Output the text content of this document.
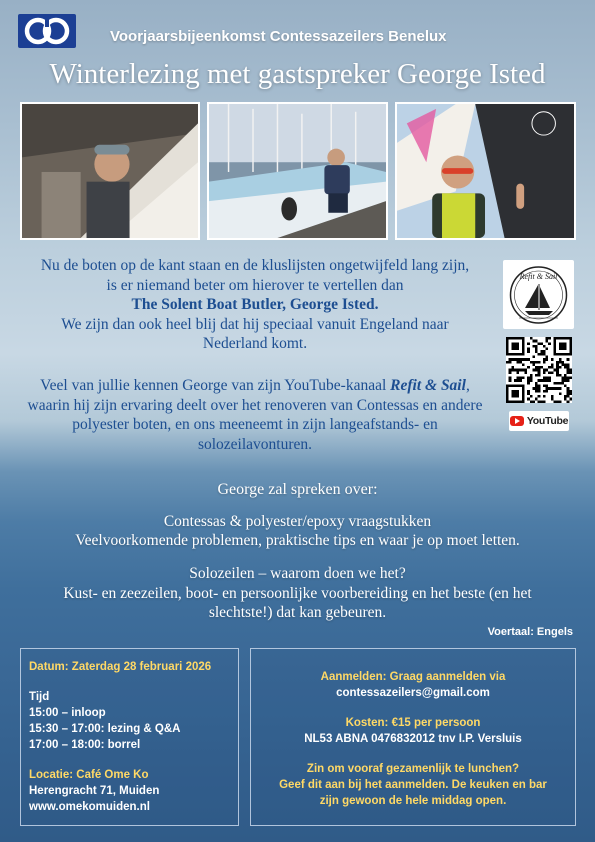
Voorjaarsbijeenkomst Contessazeilers Benelux
Winterlezing met gastspreker George Isted
Nu de boten op de kant staan en de kluslijsten ongetwijfeld lang zijn,
is er niemand beter om hierover te vertellen dan
The Solent Boat Butler, George Isted.
We zijn dan ook heel blij dat hij speciaal vanuit Engeland naar
Nederland komt.
Veel van jullie kennen George van zijn YouTube-kanaal Refit & Sail, waarin hij zijn ervaring deelt over het renoveren van Contessas en andere polyester boten, en ons meeneemt in zijn langeafstands- en solozeilavonturen.
Refit & Sail
YouTube
George zal spreken over:
Contessas & polyester/epoxy vraagstukken
Veelvoorkomende problemen, praktische tips en waar je op moet letten.
Solozeilen – waarom doen we het?
Kust- en zeezeilen, boot- en persoonlijke voorbereiding en het beste (en het slechtste!) dat kan gebeuren.
Voertaal: Engels
Datum: Zaterdag 28 februari 2026
Tijd
15:00 – inloop
15:30 – 17:00: lezing & Q&A
17:00 – 18:00: borrel
Locatie: Café Ome Ko
Herengracht 71, Muiden
www.omekomuiden.nl
Aanmelden: Graag aanmelden via
contessazeilers@gmail.com
Kosten: €15 per persoon
NL53 ABNA 0476832012 tnv I.P. Versluis
Zin om vooraf gezamenlijk te lunchen?
Geef dit aan bij het aanmelden. De keuken en bar
zijn gewoon de hele middag open.
